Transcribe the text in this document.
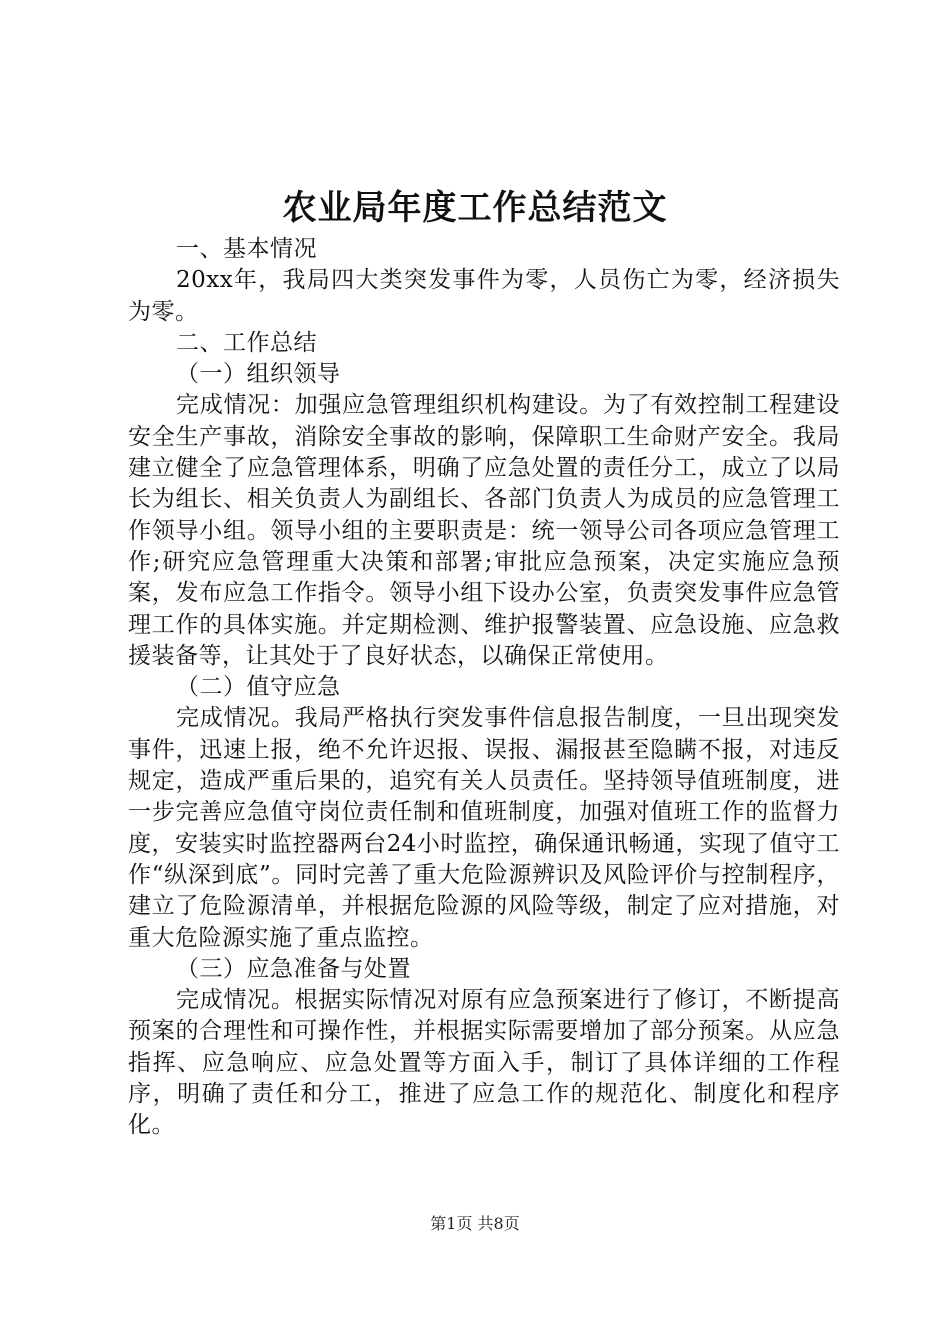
农业局年度工作总结范文

一、基本情况

20xx年，我局四大类突发事件为零，人员伤亡为零，经济损失为零。

二、工作总结

（一）组织领导

完成情况：加强应急管理组织机构建设。为了有效控制工程建设安全生产事故，消除安全事故的影响，保障职工生命财产安全。我局建立健全了应急管理体系，明确了应急处置的责任分工，成立了以局长为组长、相关负责人为副组长、各部门负责人为成员的应急管理工作领导小组。领导小组的主要职责是：统一领导公司各项应急管理工作;研究应急管理重大决策和部署;审批应急预案，决定实施应急预案，发布应急工作指令。领导小组下设办公室，负责突发事件应急管理工作的具体实施。并定期检测、维护报警装置、应急设施、应急救援装备等，让其处于了良好状态，以确保正常使用。

（二）值守应急

完成情况。我局严格执行突发事件信息报告制度，一旦出现突发事件，迅速上报，绝不允许迟报、误报、漏报甚至隐瞒不报，对违反规定，造成严重后果的，追究有关人员责任。坚持领导值班制度，进一步完善应急值守岗位责任制和值班制度，加强对值班工作的监督力度，安装实时监控器两台24小时监控，确保通讯畅通，实现了值守工作“纵深到底”。同时完善了重大危险源辨识及风险评价与控制程序，建立了危险源清单，并根据危险源的风险等级，制定了应对措施，对重大危险源实施了重点监控。

（三）应急准备与处置

完成情况。根据实际情况对原有应急预案进行了修订，不断提高预案的合理性和可操作性，并根据实际需要增加了部分预案。从应急指挥、应急响应、应急处置等方面入手，制订了具体详细的工作程序，明确了责任和分工，推进了应急工作的规范化、制度化和程序化。

第1页 共8页
